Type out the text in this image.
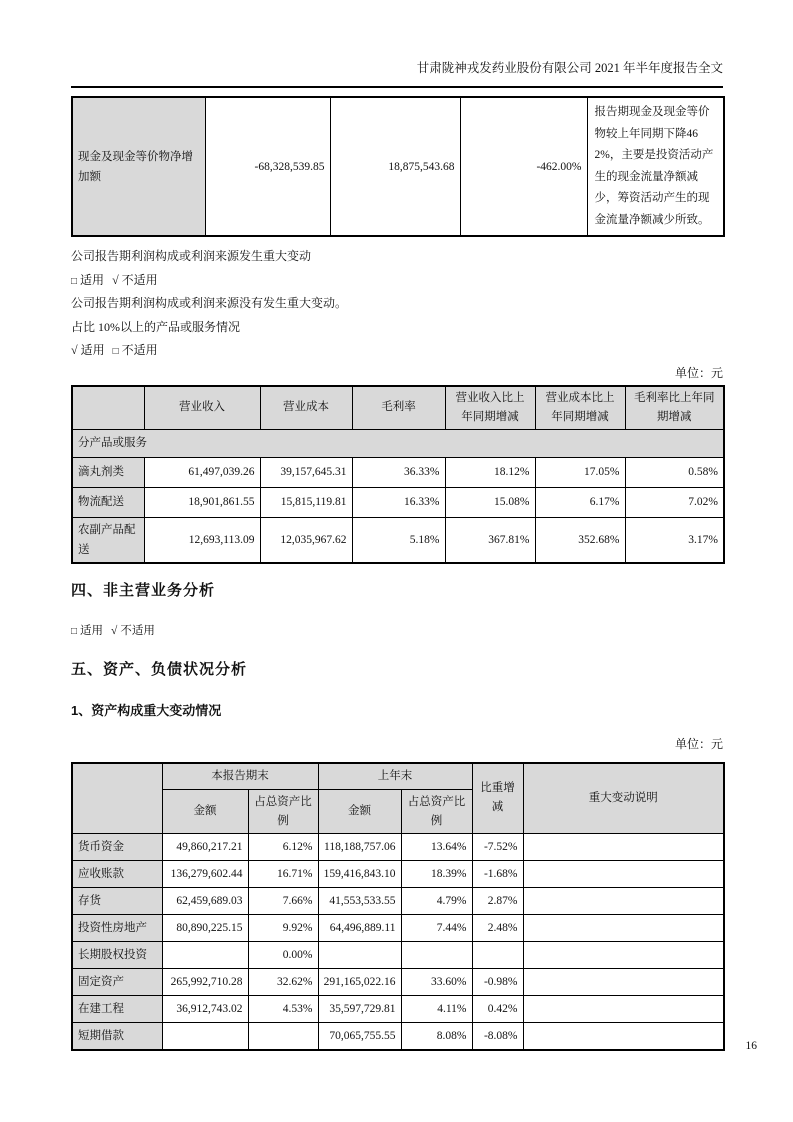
甘肃陇神戎发药业股份有限公司 2021 年半年度报告全文
现金及现金等价物净增加额	-68,328,539.85	18,875,543.68	-462.00%	报告期现金及现金等价物较上年同期下降462%，主要是投资活动产生的现金流量净额减少，筹资活动产生的现金流量净额减少所致。
公司报告期利润构成或利润来源发生重大变动
□ 适用 √ 不适用
公司报告期利润构成或利润来源没有发生重大变动。
占比 10%以上的产品或服务情况
√ 适用 □ 不适用
单位：元
	营业收入	营业成本	毛利率	营业收入比上年同期增减	营业成本比上年同期增减	毛利率比上年同期增减
分产品或服务						
滴丸剂类	61,497,039.26	39,157,645.31	36.33%	18.12%	17.05%	0.58%
物流配送	18,901,861.55	15,815,119.81	16.33%	15.08%	6.17%	7.02%
农副产品配送	12,693,113.09	12,035,967.62	5.18%	367.81%	352.68%	3.17%
四、非主营业务分析
□ 适用 √ 不适用
五、资产、负债状况分析
1、资产构成重大变动情况
单位：元
	本报告期末		上年末		比重增减	重大变动说明
	金额	占总资产比例	金额	占总资产比例		
货币资金	49,860,217.21	6.12%	118,188,757.06	13.64%	-7.52%	
应收账款	136,279,602.44	16.71%	159,416,843.10	18.39%	-1.68%	
存货	62,459,689.03	7.66%	41,553,533.55	4.79%	2.87%	
投资性房地产	80,890,225.15	9.92%	64,496,889.11	7.44%	2.48%	
长期股权投资		0.00%				
固定资产	265,992,710.28	32.62%	291,165,022.16	33.60%	-0.98%	
在建工程	36,912,743.02	4.53%	35,597,729.81	4.11%	0.42%	
短期借款			70,065,755.55	8.08%	-8.08%	
16
